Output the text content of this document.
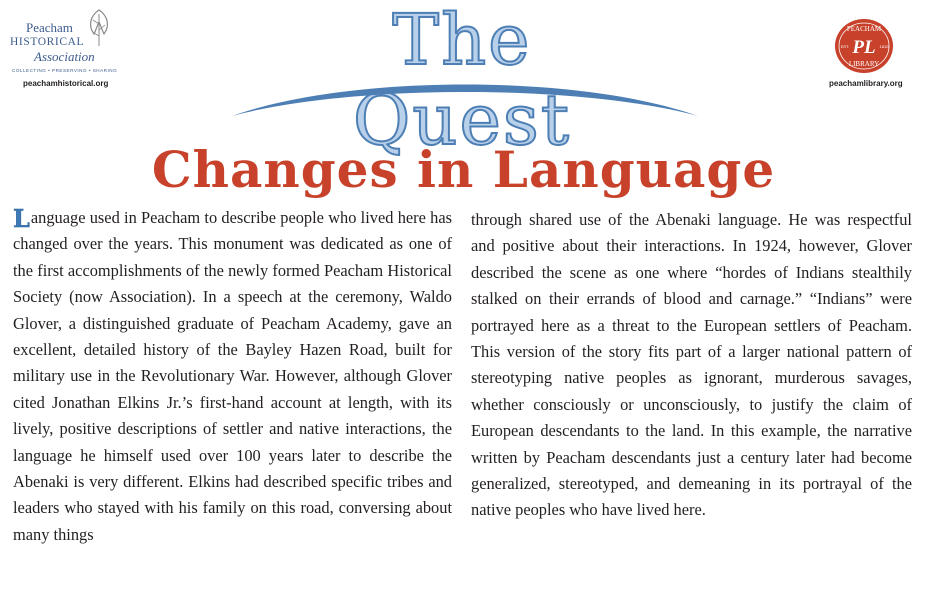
Peacham
HISTORICAL
Association
COLLECTING • PRESERVING • SHARING
peachamhistorical.org
The Quest
PEACHAM
PL
EST.	1810
LIBRARY
peachamlibrary.org
Changes in Language
L anguage used in Peacham to describe people who lived here has changed over the years. This monument was dedicated as one of the first accomplishments of the newly formed Peacham Historical Society (now Association). In a speech at the ceremony, Waldo Glover, a distinguished graduate of Peacham Academy, gave an excellent, detailed history of the Bayley Hazen Road, built for military use in the Revolutionary War. However, although Glover cited Jonathan Elkins Jr.’s first-hand account at length, with its lively, positive descriptions of settler and native interactions, the language he himself used over 100 years later to describe the Abenaki is very different. Elkins had described specific tribes and leaders who stayed with his family on this road, conversing about many things
through shared use of the Abenaki language. He was respectful and positive about their interactions. In 1924, however, Glover described the scene as one where “hordes of Indians stealthily stalked on their errands of blood and carnage.” “Indians” were portrayed here as a threat to the European settlers of Peacham. This version of the story fits part of a larger national pattern of stereotyping native peoples as ignorant, murderous savages, whether consciously or unconsciously, to justify the claim of European descendants to the land. In this example, the narrative written by Peacham descendants just a century later had become generalized, stereotyped, and demeaning in its portrayal of the native peoples who have lived here.
